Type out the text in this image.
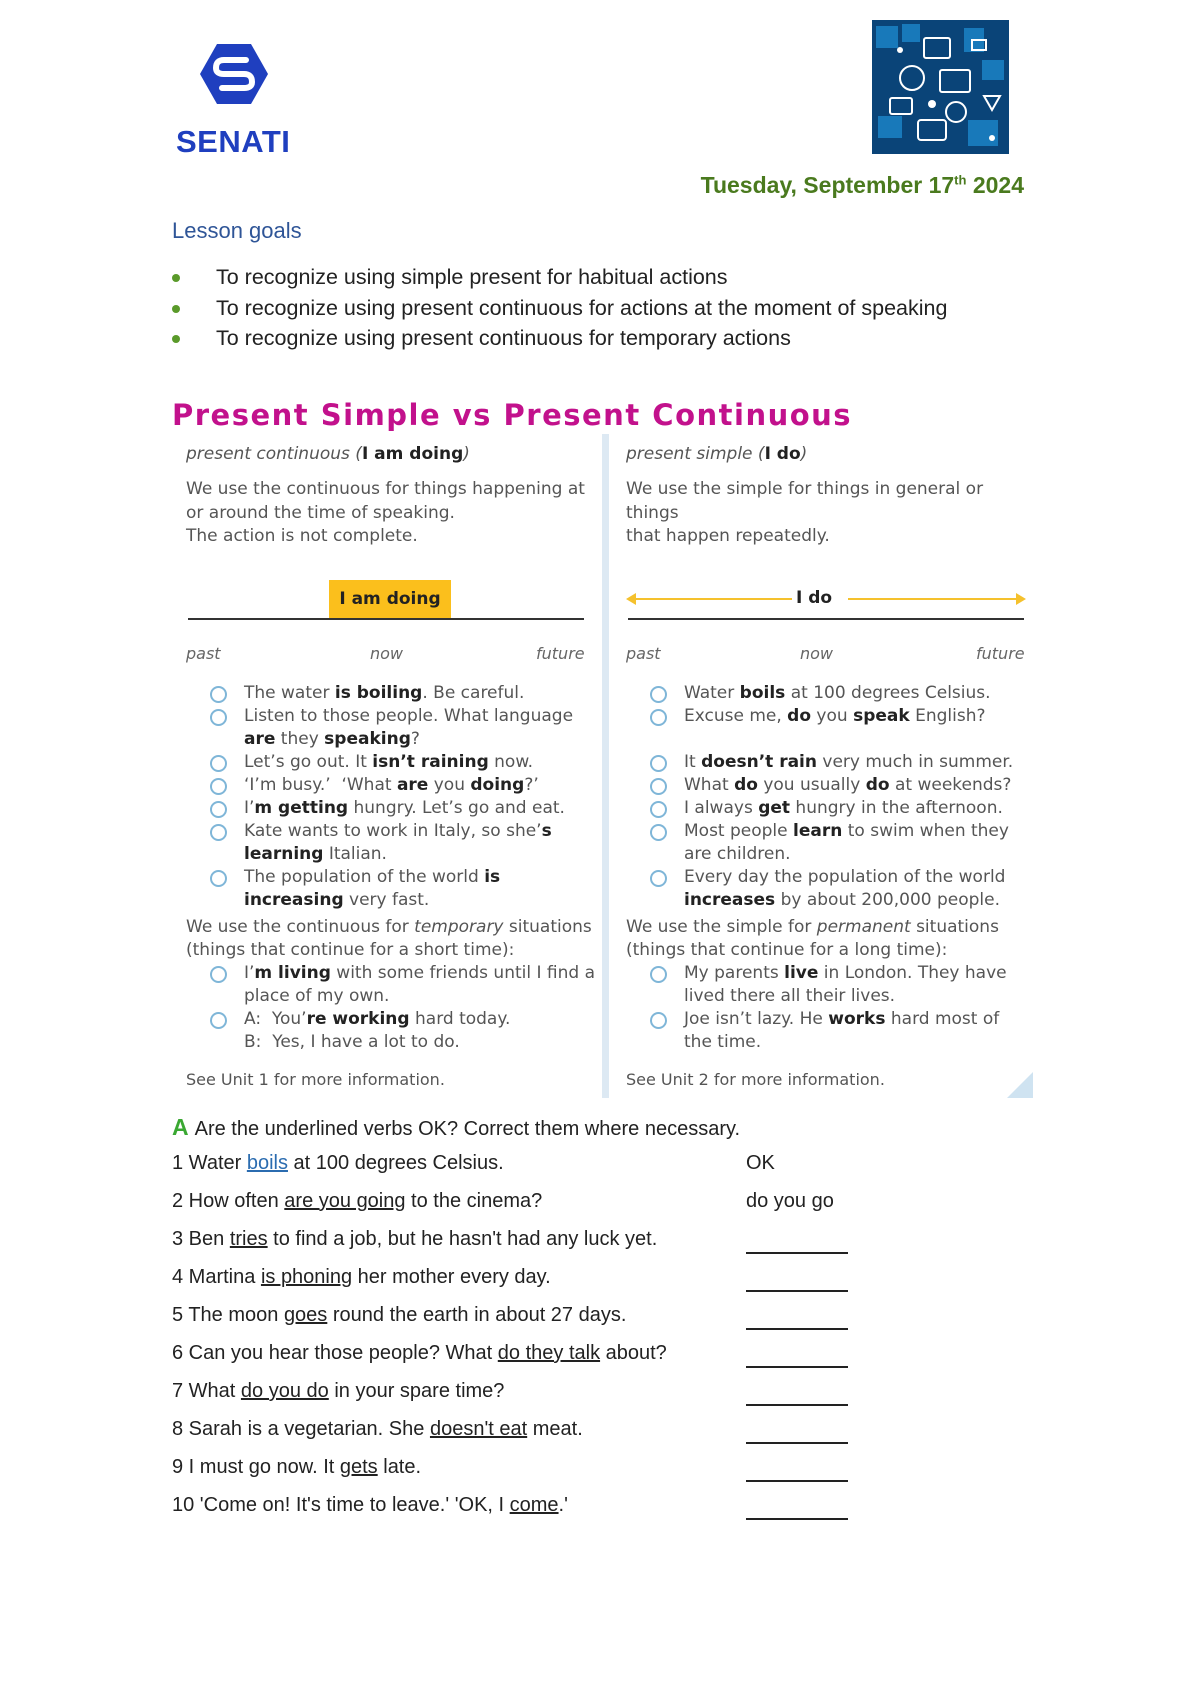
SENATI
Tuesday, September 17th 2024
Lesson goals
To recognize using simple present for habitual actions
To recognize using present continuous for actions at the moment of speaking
To recognize using present continuous for temporary actions
Present Simple vs Present Continuous
present continuous (I am doing)

We use the continuous for things happening at
or around the time of speaking.
The action is not complete.

I am doing
past	now	future
The water is boiling. Be careful.
Listen to those people. What language
are they speaking?
Let’s go out. It isn’t raining now.
‘I’m busy.’  ‘What are you doing?’
I’m getting hungry. Let’s go and eat.
Kate wants to work in Italy, so she’s
learning Italian.
The population of the world is
increasing very fast.

We use the continuous for temporary situations
(things that continue for a short time):

I’m living with some friends until I find a
place of my own.
A:  You’re working hard today.
B:  Yes, I have a lot to do.
See Unit 1 for more information.
present simple (I do)

We use the simple for things in general or things
that happen repeatedly.

I do
past	now	future
Water boils at 100 degrees Celsius.
Excuse me, do you speak English?
It doesn’t rain very much in summer.
What do you usually do at weekends?
I always get hungry in the afternoon.
Most people learn to swim when they
are children.
Every day the population of the world
increases by about 200,000 people.

We use the simple for permanent situations
(things that continue for a long time):

My parents live in London. They have
lived there all their lives.
Joe isn’t lazy. He works hard most of
the time.
See Unit 2 for more information.
A Are the underlined verbs OK? Correct them where necessary.
1 Water boils at 100 degrees Celsius.	OK
2 How often are you going to the cinema?	do you go
3 Ben tries to find a job, but he hasn't had any luck yet.
4 Martina is phoning her mother every day.
5 The moon goes round the earth in about 27 days.
6 Can you hear those people? What do they talk about?
7 What do you do in your spare time?
8 Sarah is a vegetarian. She doesn't eat meat.
9 I must go now. It gets late.
10 'Come on! It's time to leave.' 'OK, I come.'
